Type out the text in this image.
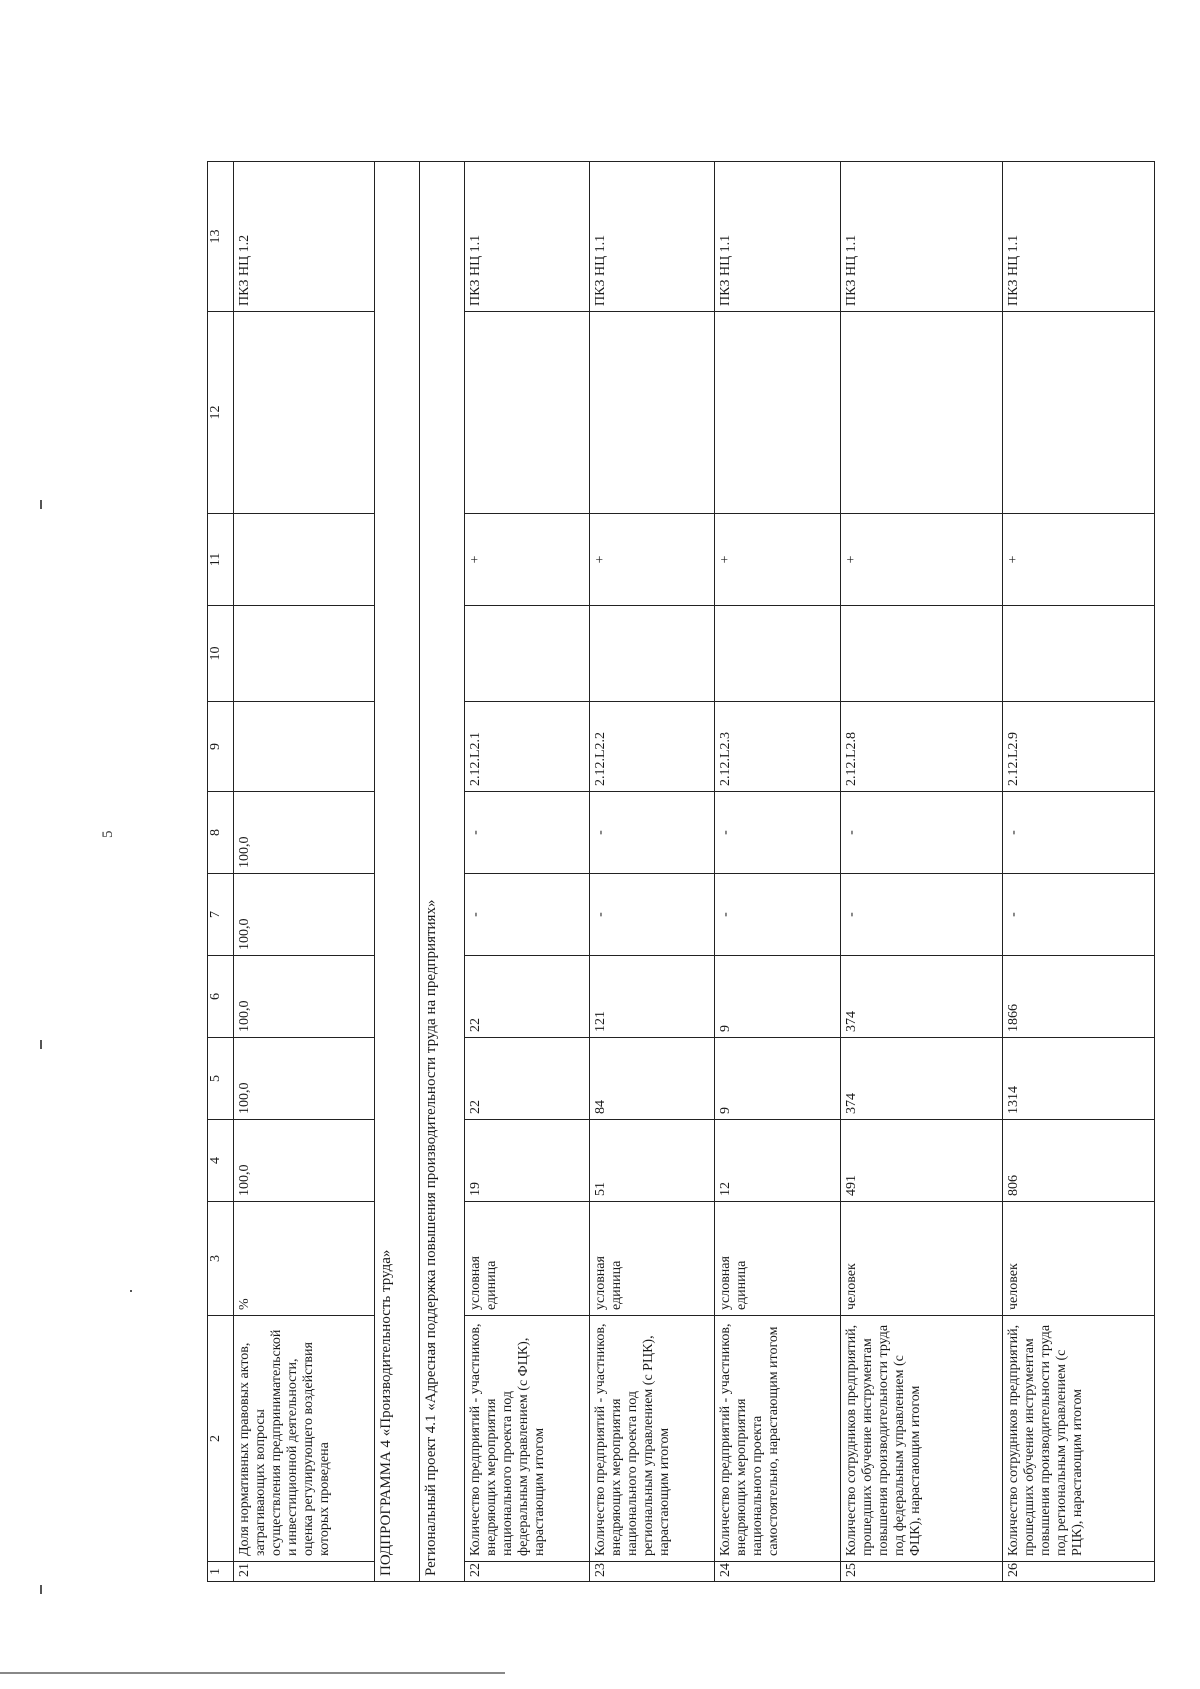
5
1	2	3	4	5	6	7	8	9	10	11	12	13
21	Доля нормативных правовых актов, затрагивающих вопросы осуществления предпринимательской и инвестиционной деятельности, оценка регулирующего воздействия которых проведена	%	100,0	100,0	100,0	100,0	100,0					ПКЗ НЦ 1.2
ПОДПРОГРАММА 4 «Производительность труда»												
Региональный проект 4.1 «Адресная поддержка повышения производительности труда на предприятиях»												
22	Количество предприятий - участников, внедряющих мероприятия национального проекта под федеральным управлением (с ФЦК), нарастающим итогом	условная единица	19	22	22	-	-	2.12.L2.1		+		ПКЗ НЦ 1.1
23	Количество предприятий - участников, внедряющих мероприятия национального проекта под региональным управлением (с РЦК), нарастающим итогом	условная единица	51	84	121	-	-	2.12.L2.2		+		ПКЗ НЦ 1.1
24	Количество предприятий - участников, внедряющих мероприятия национального проекта самостоятельно, нарастающим итогом	условная единица	12	9	9	-	-	2.12.L2.3		+		ПКЗ НЦ 1.1
25	Количество сотрудников предприятий, прошедших обучение инструментам повышения производительности труда под федеральным управлением (с ФЦК), нарастающим итогом	человек	491	374	374	-	-	2.12.L2.8		+		ПКЗ НЦ 1.1
26	Количество сотрудников предприятий, прошедших обучение инструментам повышения производительности труда под региональным управлением (с РЦК), нарастающим итогом	человек	806	1314	1866	-	-	2.12.L2.9		+		ПКЗ НЦ 1.1
